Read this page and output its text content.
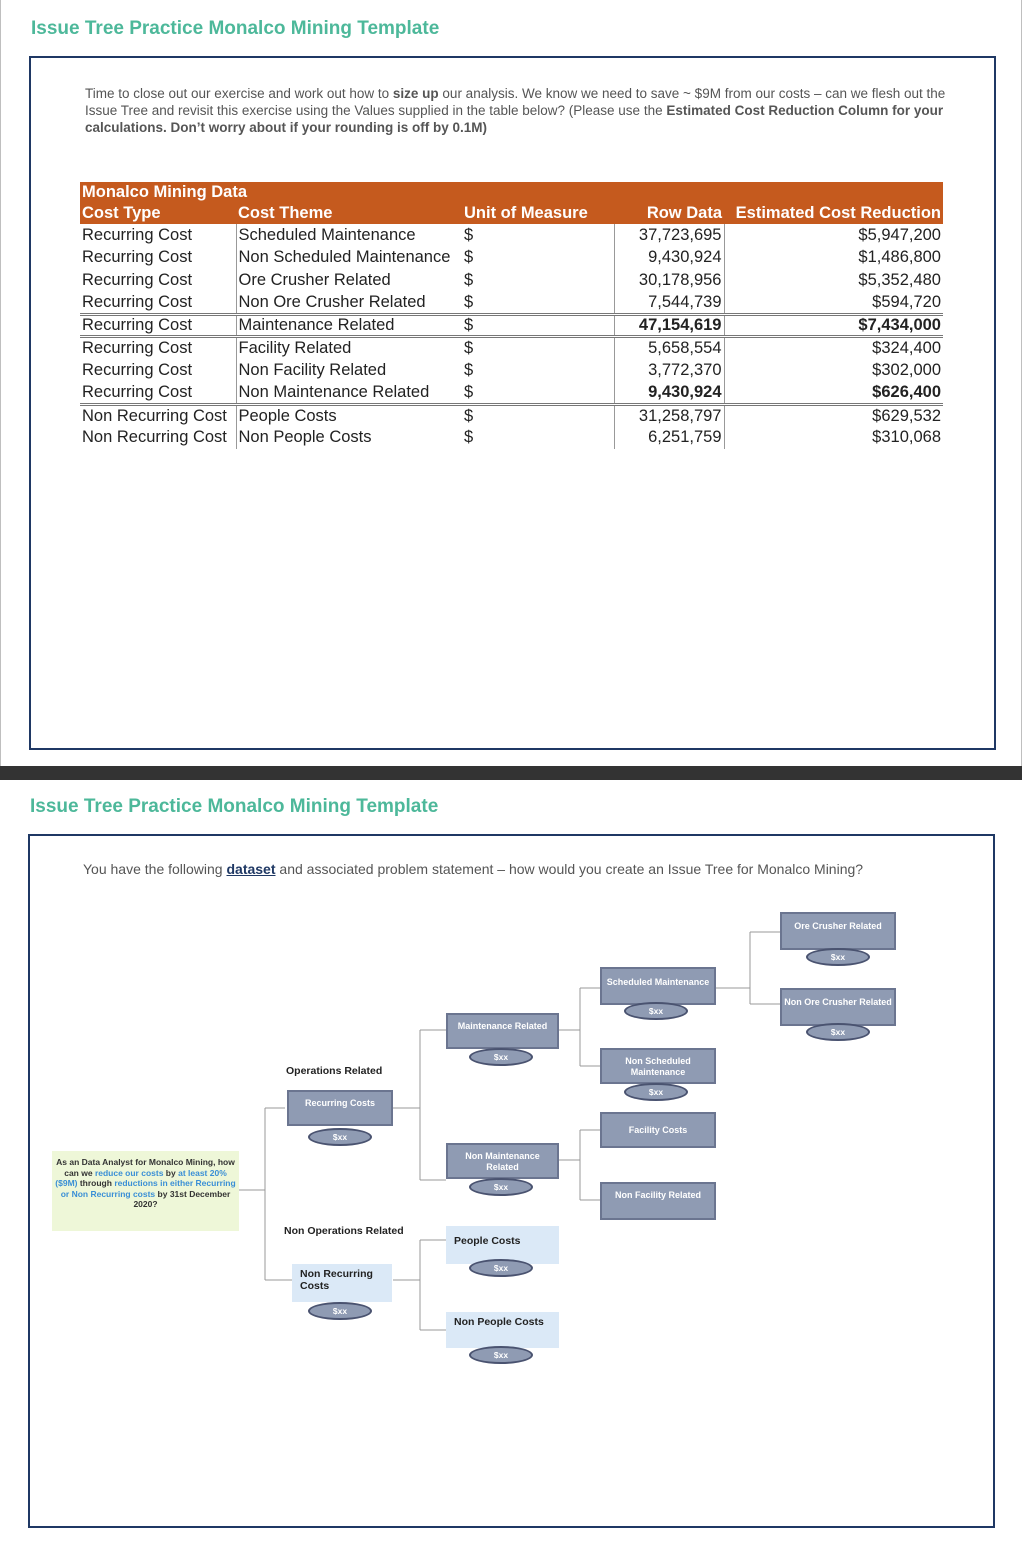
Issue Tree Practice Monalco Mining Template
Time to close out our exercise and work out how to size up our analysis. We know we need to save ~ $9M from our costs – can we flesh out the Issue Tree and revisit this exercise using the Values supplied in the table below? (Please use the Estimated Cost Reduction Column for your calculations. Don’t worry about if your rounding is off by 0.1M)
Monalco Mining Data				
Cost Type	Cost Theme	Unit of Measure	Row Data	Estimated Cost Reduction
Recurring Cost	Scheduled Maintenance	$	37,723,695	$5,947,200
Recurring Cost	Non Scheduled Maintenance	$	9,430,924	$1,486,800
Recurring Cost	Ore Crusher Related	$	30,178,956	$5,352,480
Recurring Cost	Non Ore Crusher Related	$	7,544,739	$594,720
Recurring Cost	Maintenance Related	$	47,154,619	$7,434,000
Recurring Cost	Facility Related	$	5,658,554	$324,400
Recurring Cost	Non Facility Related	$	3,772,370	$302,000
Recurring Cost	Non Maintenance Related	$	9,430,924	$626,400
Non Recurring Cost	People Costs	$	31,258,797	$629,532
Non Recurring Cost	Non People Costs	$	6,251,759	$310,068
Issue Tree Practice Monalco Mining Template
You have the following dataset and associated problem statement – how would you create an Issue Tree for Monalco Mining?
As an Data Analyst for Monalco Mining, how can we reduce our costs by at least 20% ($9M) through reductions in either Recurring or Non Recurring costs by 31st December 2020?
Operations Related
Non Operations Related
Recurring Costs
$xx
Non Recurring Costs
$xx
Maintenance Related
$xx
Non Maintenance Related
$xx
People Costs
$xx
Non People Costs
$xx
Scheduled Maintenance
$xx
Non Scheduled Maintenance
$xx
Facility Costs
Non Facility Related
Ore Crusher Related
$xx
Non Ore Crusher Related
$xx
